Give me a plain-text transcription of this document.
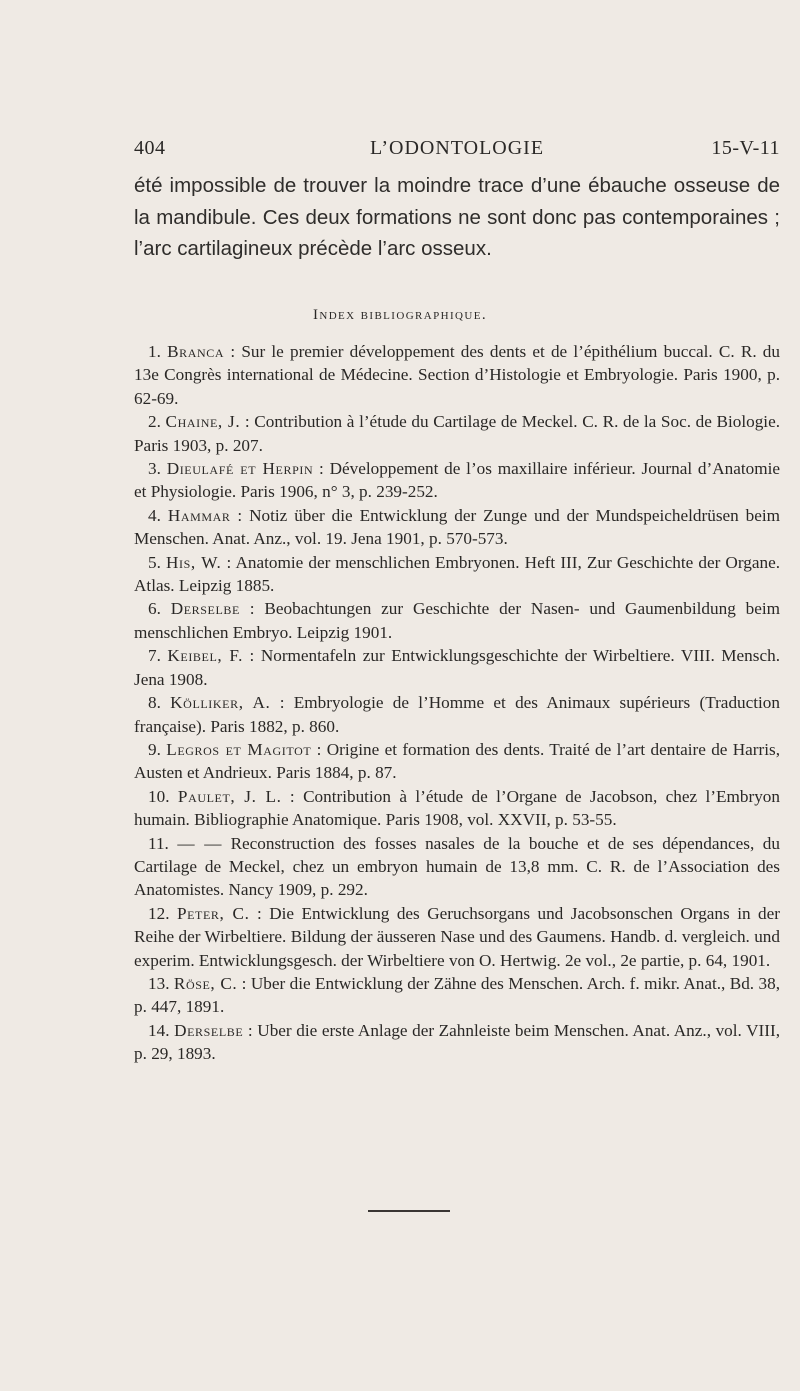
404	L’ODONTOLOGIE	15-V-11
été impossible de trouver la moindre trace d’une ébauche osseuse de la mandibule. Ces deux formations ne sont donc pas contemporaines ; l’arc cartilagineux précède l’arc osseux.
Index bibliographique.

1. Branca : Sur le premier développement des dents et de l’épithélium buccal. C. R. du 13e Congrès international de Médecine. Section d’Histologie et Embryologie. Paris 1900, p. 62-69.

2. Chaine, J. : Contribution à l’étude du Cartilage de Meckel. C. R. de la Soc. de Biologie. Paris 1903, p. 207.

3. Dieulafé et Herpin : Développement de l’os maxillaire inférieur. Journal d’Anatomie et Physiologie. Paris 1906, n° 3, p. 239-252.

4. Hammar : Notiz über die Entwicklung der Zunge und der Mundspeicheldrüsen beim Menschen. Anat. Anz., vol. 19. Jena 1901, p. 570-573.

5. His, W. : Anatomie der menschlichen Embryonen. Heft III, Zur Geschichte der Organe. Atlas. Leipzig 1885.

6. Derselbe : Beobachtungen zur Geschichte der Nasen- und Gaumenbildung beim menschlichen Embryo. Leipzig 1901.

7. Keibel, F. : Normentafeln zur Entwicklungsgeschichte der Wirbeltiere. VIII. Mensch. Jena 1908.

8. Kölliker, A. : Embryologie de l’Homme et des Animaux supérieurs (Traduction française). Paris 1882, p. 860.

9. Legros et Magitot : Origine et formation des dents. Traité de l’art dentaire de Harris, Austen et Andrieux. Paris 1884, p. 87.

10. Paulet, J. L. : Contribution à l’étude de l’Organe de Jacobson, chez l’Embryon humain. Bibliographie Anatomique. Paris 1908, vol. XXVII, p. 53-55.

11. — — Reconstruction des fosses nasales de la bouche et de ses dépendances, du Cartilage de Meckel, chez un embryon humain de 13,8 mm. C. R. de l’Association des Anatomistes. Nancy 1909, p. 292.

12. Peter, C. : Die Entwicklung des Geruchsorgans und Jacobsonschen Organs in der Reihe der Wirbeltiere. Bildung der äusseren Nase und des Gaumens. Handb. d. vergleich. und experim. Entwicklungsgesch. der Wirbeltiere von O. Hertwig. 2e vol., 2e partie, p. 64, 1901.

13. Röse, C. : Uber die Entwicklung der Zähne des Menschen. Arch. f. mikr. Anat., Bd. 38, p. 447, 1891.

14. Derselbe : Uber die erste Anlage der Zahnleiste beim Menschen. Anat. Anz., vol. VIII, p. 29, 1893.
